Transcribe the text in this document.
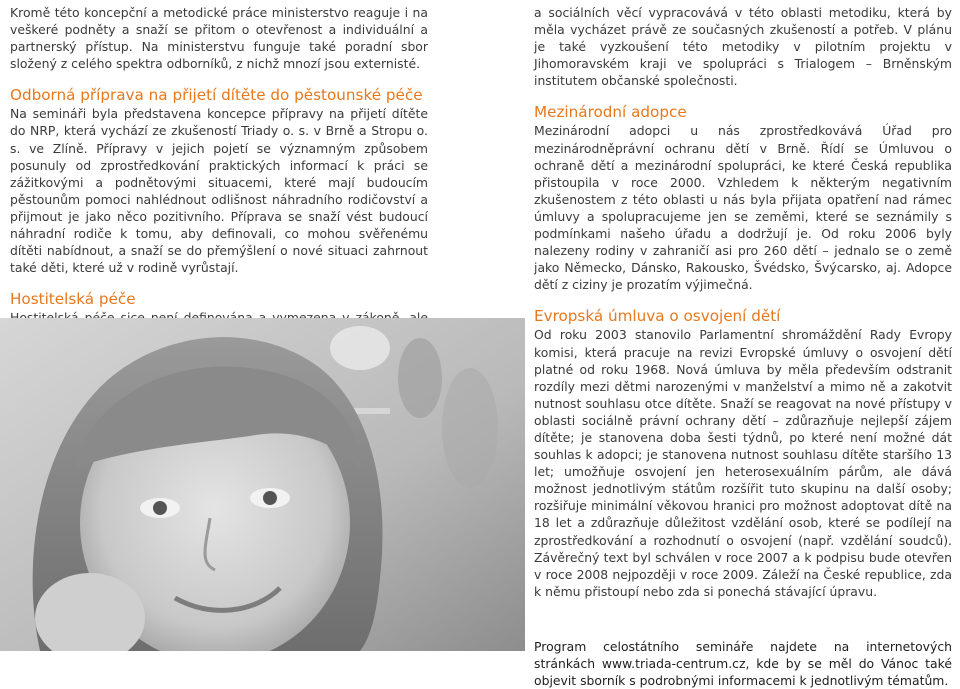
Kromě této koncepční a metodické práce ministerstvo reaguje i na veškeré podněty a snaží se přitom o otevřenost a individuální a partnerský přístup. Na ministerstvu funguje také poradní sbor složený z celého spektra odborníků, z nichž mnozí jsou externisté.

Odborná příprava na přijetí dítěte do pěstounské péče

Na semináři byla představena koncepce přípravy na přijetí dítěte do NRP, která vychází ze zkušeností Triady o. s. v Brně a Stropu o. s. ve Zlíně. Přípravy v jejich pojetí se významným způsobem posunuly od zprostředkování praktických informací k práci se zážitkovými a podnětovými situacemi, které mají budoucím pěstounům pomoci nahlédnout odlišnost náhradního rodičovství a přijmout je jako něco pozitivního. Příprava se snaží vést budoucí náhradní rodiče k tomu, aby definovali, co mohou svěřenému dítěti nabídnout, a snaží se do přemýšlení o nové situaci zahrnout také děti, které už v rodině vyrůstají.

Hostitelská péče

a sociálních věcí vypracovává v této oblasti metodiku, která by měla vycházet právě ze současných zkušeností a potřeb. V plánu je také vyzkoušení této metodiky v pilotním projektu v Jihomoravském kraji ve spolupráci s Trialogem – Brněnským institutem občanské společnosti.

Mezinárodní adopce

Mezinárodní adopci u nás zprostředkovává Úřad pro mezinárodněprávní ochranu dětí v Brně. Řídí se Úmluvou o ochraně dětí a mezinárodní spolupráci, ke které Česká republika přistoupila v roce 2000. Vzhledem k některým negativním zkušenostem z této oblasti u nás byla přijata opatření nad rámec úmluvy a spolupracujeme jen se zeměmi, které se seznámily s podmínkami našeho úřadu a dodržují je. Od roku 2006 byly nalezeny rodiny v zahraničí asi pro 260 dětí – jednalo se o země jako Německo, Dánsko, Rakousko, Švédsko, Švýcarsko, aj. Adopce dětí z ciziny je prozatím výjimečná.

Evropská úmluva o osvojení dětí

Od roku 2003 stanovilo Parlamentní shromáždění Rady Evropy komisi, která pracuje na revizi Evropské úmluvy o osvojení dětí platné od roku 1968. Nová úmluva by měla především odstranit rozdíly mezi dětmi narozenými v manželství a mimo ně a zakotvit nutnost souhlasu otce dítěte. Snaží se reagovat na nové přístupy v oblasti sociálně právní ochrany dětí – zdůrazňuje nejlepší zájem dítěte; je stanovena doba šesti týdnů, po které není možné dát souhlas k adopci; je stanovena nutnost souhlasu dítěte staršího 13 let; umožňuje osvojení jen heterosexuálním párům, ale dává možnost jednotlivým státům rozšířit tuto skupinu na další osoby; rozšiřuje minimální věkovou hranici pro možnost adoptovat dítě na 18 let a zdůrazňuje důležitost vzdělání osob, které se podílejí na zprostředkování a rozhodnutí o osvojení (např. vzdělání soudců). Závěrečný text byl schválen v roce 2007 a k podpisu bude otevřen v roce 2008 nejpozději v roce 2009. Záleží na České republice, zda k němu přistoupí nebo zda si ponechá stávající úpravu.

Program celostátního semináře najdete na internetových stránkách www.triada-centrum.cz, kde by se měl do Vánoc také objevit sborník s podrobnými informacemi k jednotlivým tématům.
